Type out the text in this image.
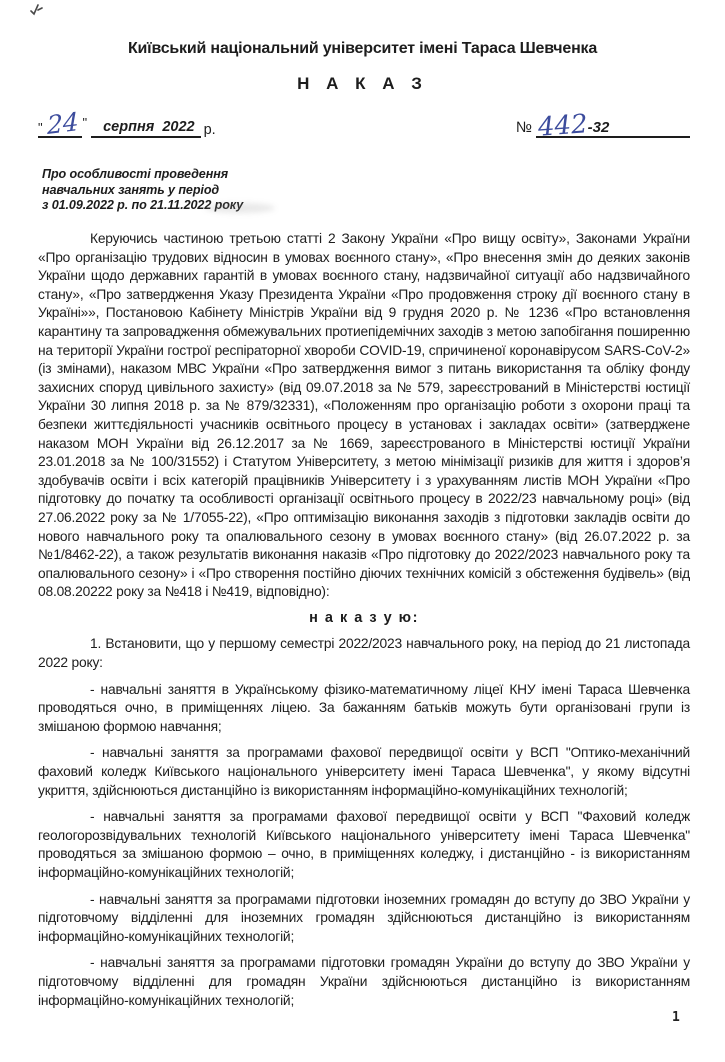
Київський національний університет імені Тараса Шевченка
Н А К А З
" 24 "
серпня  2022 р.	№ 442 -32
Про особливості проведення
навчальних занять у період
з 01.09.2022 р. по 21.11.2022 року

Керуючись частиною третьою статті 2 Закону України «Про вищу освіту», Законами України «Про організацію трудових відносин в умовах воєнного стану», «Про внесення змін до деяких законів України щодо державних гарантій в умовах воєнного стану, надзвичайної ситуації або надзвичайного стану», «Про затвердження Указу Президента України «Про продовження строку дії воєнного стану в Україні»», Постановою Кабінету Міністрів України від 9 грудня 2020 р. № 1236 «Про встановлення карантину та запровадження обмежувальних протиепідемічних заходів з метою запобігання поширенню на території України гострої респіраторної хвороби COVID-19, спричиненої коронавірусом SARS-CoV-2» (із змінами), наказом МВС України «Про затвердження вимог з питань використання та обліку фонду захисних споруд цивільного захисту» (від 09.07.2018 за № 579, зареєстрований в Міністерстві юстиції України 30 липня 2018 р. за № 879/32331), «Положенням про організацію роботи з охорони праці та безпеки життєдіяльності учасників освітнього процесу в установах і закладах освіти» (затверджене наказом МОН України від 26.12.2017 за № 1669, зареєстрованого в Міністерстві юстиції України 23.01.2018 за № 100/31552) і Статутом Університету, з метою мінімізації ризиків для життя і здоров’я здобувачів освіти і всіх категорій працівників Університету і з урахуванням листів МОН України «Про підготовку до початку та особливості організації освітнього процесу в 2022/23 навчальному році» (від 27.06.2022 року за № 1/7055-22), «Про оптимізацію виконання заходів з підготовки закладів освіти до нового навчального року та опалювального сезону в умовах воєнного стану» (від 26.07.2022 р. за №1/8462-22), а також результатів виконання наказів «Про підготовку до 2022/2023 навчального року та опалювального сезону» і «Про створення постійно діючих технічних комісій з обстеження будівель» (від 08.08.20222 року за №418 і №419, відповідно):

н а к а з у ю:

1. Встановити, що у першому семестрі 2022/2023 навчального року, на період до 21 листопада 2022 року:

- навчальні заняття в Українському фізико-математичному ліцеї КНУ імені Тараса Шевченка проводяться очно, в приміщеннях ліцею. За бажанням батьків можуть бути організовані групи із змішаною формою навчання;

- навчальні заняття за програмами фахової передвищої освіти у ВСП "Оптико-механічний фаховий коледж Київського національного університету імені Тараса Шевченка", у якому відсутні укриття, здійснюються дистанційно із використанням інформаційно-комунікаційних технологій;

- навчальні заняття за програмами фахової передвищої освіти у ВСП "Фаховий коледж геологорозвідувальних технологій Київського національного університету імені Тараса Шевченка" проводяться за змішаною формою – очно, в приміщеннях коледжу, і дистанційно - із використанням інформаційно-комунікаційних технологій;

- навчальні заняття за програмами підготовки іноземних громадян до вступу до ЗВО України у підготовчому відділенні для іноземних громадян здійснюються дистанційно із використанням інформаційно-комунікаційних технологій;

- навчальні заняття за програмами підготовки громадян України до вступу до ЗВО України у підготовчому відділенні для громадян України здійснюються дистанційно із використанням інформаційно-комунікаційних технологій;

1
